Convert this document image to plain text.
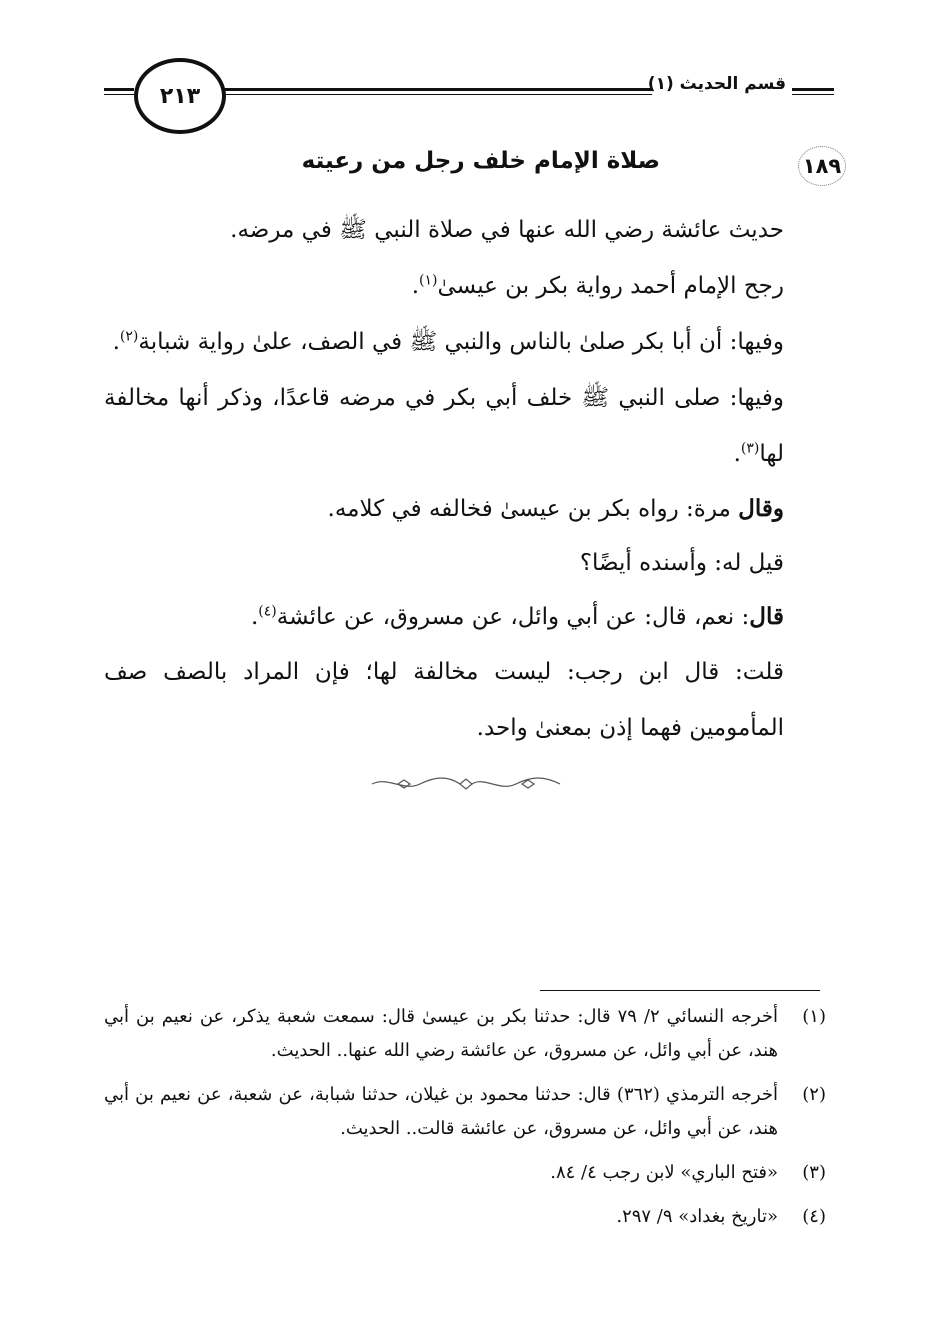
قسم الحديث (١)
٢١٣
١٨٩
صلاة الإمام خلف رجل من رعيته

حديث عائشة رضي الله عنها في صلاة النبي ﷺ في مرضه.

رجح الإمام أحمد رواية بكر بن عيسىٰ$^{(١)}$.

وفيها: أن أبا بكر صلىٰ بالناس والنبي ﷺ في الصف، علىٰ رواية شبابة$^{(٢)}$.

وفيها: صلى النبي ﷺ خلف أبي بكر في مرضه قاعدًا، وذكر أنها مخالفة لها$^{(٣)}$.

وقال مرة: رواه بكر بن عيسىٰ فخالفه في كلامه.

قيل له: وأسنده أيضًا؟

قال: نعم، قال: عن أبي وائل، عن مسروق، عن عائشة$^{(٤)}$.

قلت: قال ابن رجب: ليست مخالفة لها؛ فإن المراد بالصف صف المأمومين فهما إذن بمعنىٰ واحد.

(١)
أخرجه النسائي ٢/ ٧٩ قال: حدثنا بكر بن عيسىٰ قال: سمعت شعبة يذكر، عن نعيم بن أبي هند، عن أبي وائل، عن مسروق، عن عائشة رضي الله عنها.. الحديث.

(٢)
أخرجه الترمذي (٣٦٢) قال: حدثنا محمود بن غيلان، حدثنا شبابة، عن شعبة، عن نعيم بن أبي هند، عن أبي وائل، عن مسروق، عن عائشة قالت.. الحديث.

(٣)
«فتح الباري» لابن رجب ٤/ ٨٤.

(٤)
«تاريخ بغداد» ٩/ ٢٩٧.
